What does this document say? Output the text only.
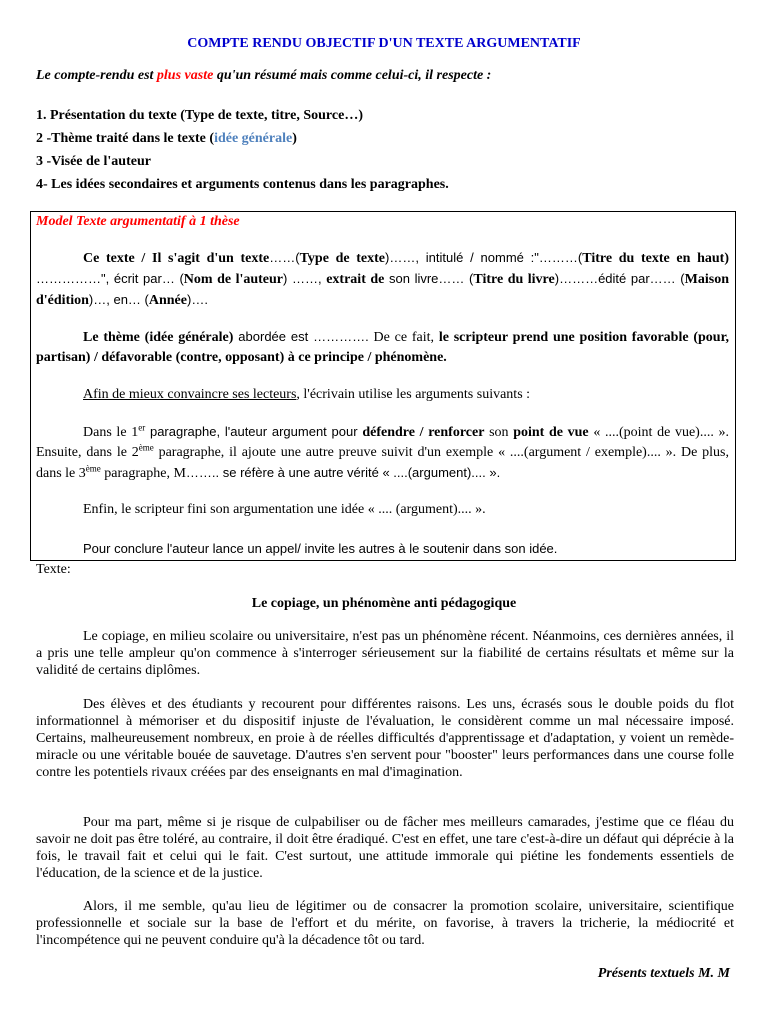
COMPTE RENDU OBJECTIF D'UN TEXTE ARGUMENTATIF

Le compte-rendu est plus vaste qu'un résumé mais comme celui-ci, il respecte :

1. Présentation du texte (Type de texte, titre, Source…)
2 -Thème traité dans le texte (idée générale)
3 -Visée de l'auteur
4- Les idées secondaires et arguments contenus dans les paragraphes.

Model Texte argumentatif à 1 thèse

Ce texte / Il s'agit d'un texte……(Type de texte)……, intitulé / nommé :"………(Titre du texte en haut) ……………", écrit par… (Nom de l'auteur) ……, extrait de son livre…… (Titre du livre)………édité par…… (Maison d'édition)…, en… (Année)….

Le thème (idée générale) abordée est …………. De ce fait, le scripteur prend une position favorable (pour, partisan) / défavorable (contre, opposant) à ce principe / phénomène.

Afin de mieux convaincre ses lecteurs, l'écrivain utilise les arguments suivants :

Dans le 1er paragraphe, l'auteur argument pour défendre / renforcer son point de vue « ....(point de vue).... ». Ensuite, dans le 2ème paragraphe, il ajoute une autre preuve suivit d'un exemple « ....(argument / exemple).... ». De plus, dans le 3ème paragraphe, M…….. se réfère à une autre vérité « ....(argument).... ».

Enfin, le scripteur fini son argumentation une idée « .... (argument).... ».

Pour conclure l'auteur lance un appel/ invite les autres à le soutenir dans son idée.

Texte:

Le copiage, un phénomène anti pédagogique

Le copiage, en milieu scolaire ou universitaire, n'est pas un phénomène récent. Néanmoins, ces dernières années, il a pris une telle ampleur qu'on commence à s'interroger sérieusement sur la fiabilité de certains résultats et même sur la validité de certains diplômes.

Des élèves et des étudiants y recourent pour différentes raisons. Les uns, écrasés sous le double poids du flot informationnel à mémoriser et du dispositif injuste de l'évaluation, le considèrent comme un mal nécessaire imposé. Certains, malheureusement nombreux, en proie à de réelles difficultés d'apprentissage et d'adaptation, y voient un remède-miracle ou une véritable bouée de sauvetage. D'autres s'en servent pour "booster" leurs performances dans une course folle contre les potentiels rivaux créées par des enseignants en mal d'imagination.

Pour ma part, même si je risque de culpabiliser ou de fâcher mes meilleurs camarades, j'estime que ce fléau du savoir ne doit pas être toléré, au contraire, il doit être éradiqué. C'est en effet, une tare c'est-à-dire un défaut qui déprécie à la fois, le travail fait et celui qui le fait. C'est surtout, une attitude immorale qui piétine les fondements essentiels de l'éducation, de la science et de la justice.

Alors, il me semble, qu'au lieu de légitimer ou de consacrer la promotion scolaire, universitaire, scientifique professionnelle et sociale sur la base de l'effort et du mérite, on favorise, à travers la tricherie, la médiocrité et l'incompétence qui ne peuvent conduire qu'à la décadence tôt ou tard.

Présents textuels M. M
